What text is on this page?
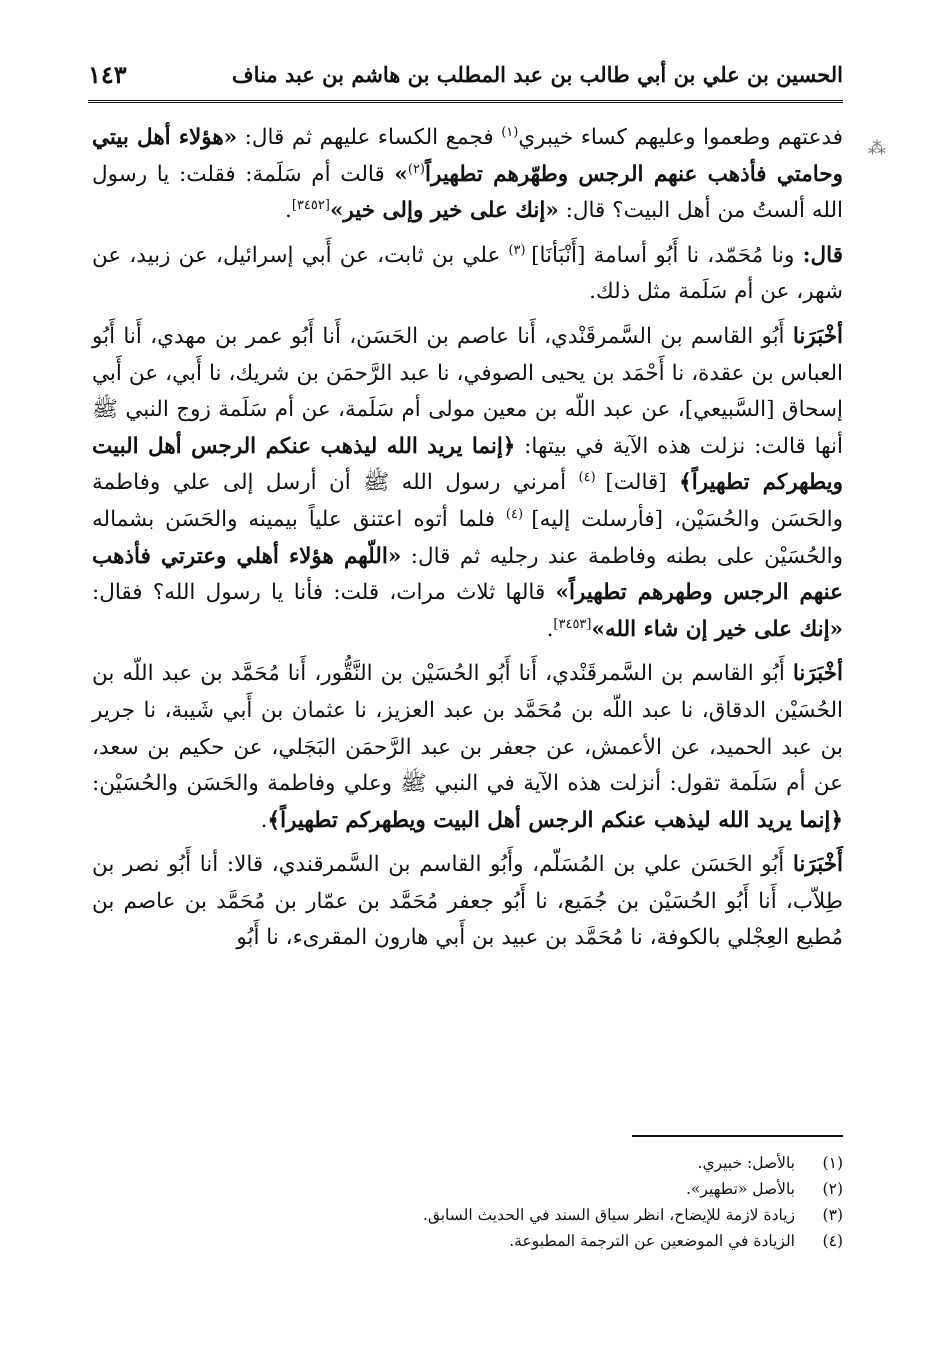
الحسين بن علي بن أبي طالب بن عبد المطلب بن هاشم بن عبد مناف
١٤٣
⁂

فدعتهم وطعموا وعليهم كساء خيبري$^{(١)}$ فجمع الكساء عليهم ثم قال: «هؤلاء أهل بيتي وحامتي فأذهب عنهم الرجس وطهّرهم تطهيراً$^{(٢)}$» قالت أم سَلَمة: فقلت: يا رسول الله ألستُ من أهل البيت؟ قال: «إنك على خير وإلى خير»[٣٤٥٢].

قال: ونا مُحَمّد، نا أَبُو أسامة [أَنْبَأنَا] $^{(٣)}$ علي بن ثابت، عن أَبي إسرائيل، عن زبيد، عن شهر، عن أم سَلَمة مثل ذلك.

أخْبَرَنا أَبُو القاسم بن السَّمرقَنْدي، أَنا عاصم بن الحَسَن، أَنا أَبُو عمر بن مهدي، أَنا أَبُو العباس بن عقدة، نا أَحْمَد بن يحيى الصوفي، نا عبد الرَّحمَن بن شريك، نا أَبي، عن أَبي إسحاق [السَّبيعي]، عن عبد اللّه بن معين مولى أم سَلَمة، عن أم سَلَمة زوج النبي ﷺ أنها قالت: نزلت هذه الآية في بيتها: ﴿إنما يريد الله ليذهب عنكم الرجس أهل البيت ويطهركم تطهيراً﴾ [قالت] $^{(٤)}$ أمرني رسول الله ﷺ أن أرسل إلى علي وفاطمة والحَسَن والحُسَيْن، [فأرسلت إليه] $^{(٤)}$ فلما أتوه اعتنق علياً بيمينه والحَسَن بشماله والحُسَيْن على بطنه وفاطمة عند رجليه ثم قال: «اللّهم هؤلاء أهلي وعترتي فأذهب عنهم الرجس وطهرهم تطهيراً» قالها ثلاث مرات، قلت: فأنا يا رسول الله؟ فقال: «إنك على خير إن شاء الله»[٣٤٥٣].

أخْبَرَنا أَبُو القاسم بن السَّمرقَنْدي، أَنا أَبُو الحُسَيْن بن النَّقُّور، أَنا مُحَمَّد بن عبد اللّه بن الحُسَيْن الدقاق، نا عبد اللّه بن مُحَمَّد بن عبد العزيز، نا عثمان بن أَبي شَيبة، نا جرير بن عبد الحميد، عن الأعمش، عن جعفر بن عبد الرَّحمَن البَجَلي، عن حكيم بن سعد، عن أم سَلَمة تقول: أنزلت هذه الآية في النبي ﷺ وعلي وفاطمة والحَسَن والحُسَيْن: ﴿إنما يريد الله ليذهب عنكم الرجس أهل البيت ويطهركم تطهيراً﴾.

أَخْبَرَنا أَبُو الحَسَن علي بن المُسَلّم، وأَبُو القاسم بن السَّمرقندي، قالا: أنا أَبُو نصر بن طِلاّب، أَنا أَبُو الحُسَيْن بن جُمَيع، نا أَبُو جعفر مُحَمَّد بن عمّار بن مُحَمَّد بن عاصم بن مُطيع العِجْلي بالكوفة، نا مُحَمَّد بن عبيد بن أَبي هارون المقرىء، نا أَبُو

(١)
بالأصل: خبيري.
(٢)
بالأصل «تطهير».
(٣)
زيادة لازمة للإيضاح، انظر سياق السند في الحديث السابق.
(٤)
الزيادة في الموضعين عن الترجمة المطبوعة.
